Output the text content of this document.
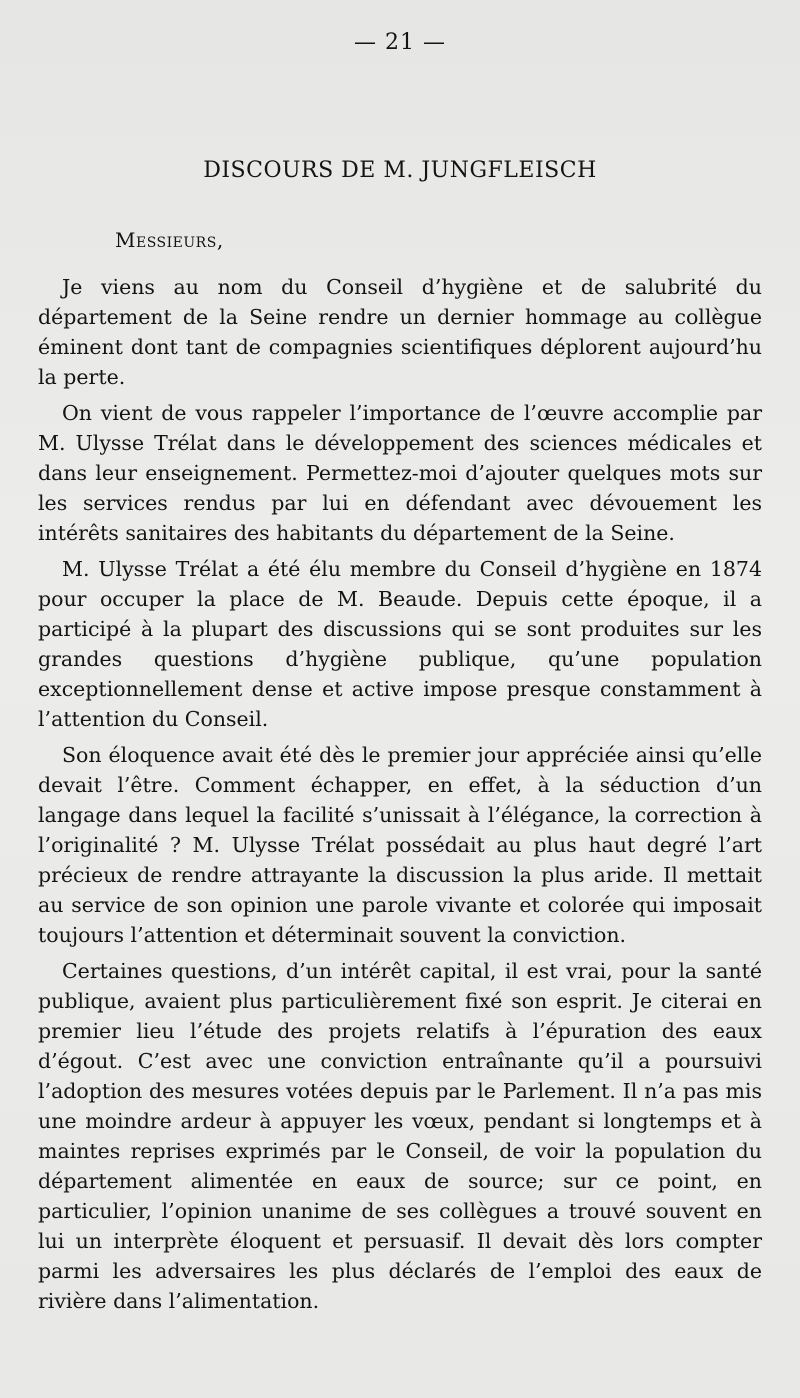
— 21 —
DISCOURS DE M. JUNGFLEISCH
Messieurs,

Je viens au nom du Conseil d’hygiène et de salubrité du département de la Seine rendre un dernier hommage au collègue éminent dont tant de compagnies scientifiques déplorent aujourd’hu la perte.

On vient de vous rappeler l’importance de l’œuvre accomplie par M. Ulysse Trélat dans le développement des sciences médicales et dans leur enseignement. Permettez-moi d’ajouter quelques mots sur les services rendus par lui en défendant avec dévouement les intérêts sanitaires des habitants du département de la Seine.

M. Ulysse Trélat a été élu membre du Conseil d’hygiène en 1874 pour occuper la place de M. Beaude. Depuis cette époque, il a participé à la plupart des discussions qui se sont produites sur les grandes questions d’hygiène publique, qu’une population exceptionnellement dense et active impose presque constamment à l’attention du Conseil.

Son éloquence avait été dès le premier jour appréciée ainsi qu’elle devait l’être. Comment échapper, en effet, à la séduction d’un langage dans lequel la facilité s’unissait à l’élégance, la correction à l’originalité ? M. Ulysse Trélat possédait au plus haut degré l’art précieux de rendre attrayante la discussion la plus aride. Il mettait au service de son opinion une parole vivante et colorée qui imposait toujours l’attention et déterminait souvent la conviction.

Certaines questions, d’un intérêt capital, il est vrai, pour la santé publique, avaient plus particulièrement fixé son esprit. Je citerai en premier lieu l’étude des projets relatifs à l’épuration des eaux d’égout. C’est avec une conviction entraînante qu’il a poursuivi l’adoption des mesures votées depuis par le Parlement. Il n’a pas mis une moindre ardeur à appuyer les vœux, pendant si longtemps et à maintes reprises exprimés par le Conseil, de voir la population du département alimentée en eaux de source; sur ce point, en particulier, l’opinion unanime de ses collègues a trouvé souvent en lui un interprète éloquent et persuasif. Il devait dès lors compter parmi les adversaires les plus déclarés de l’emploi des eaux de rivière dans l’alimentation.
